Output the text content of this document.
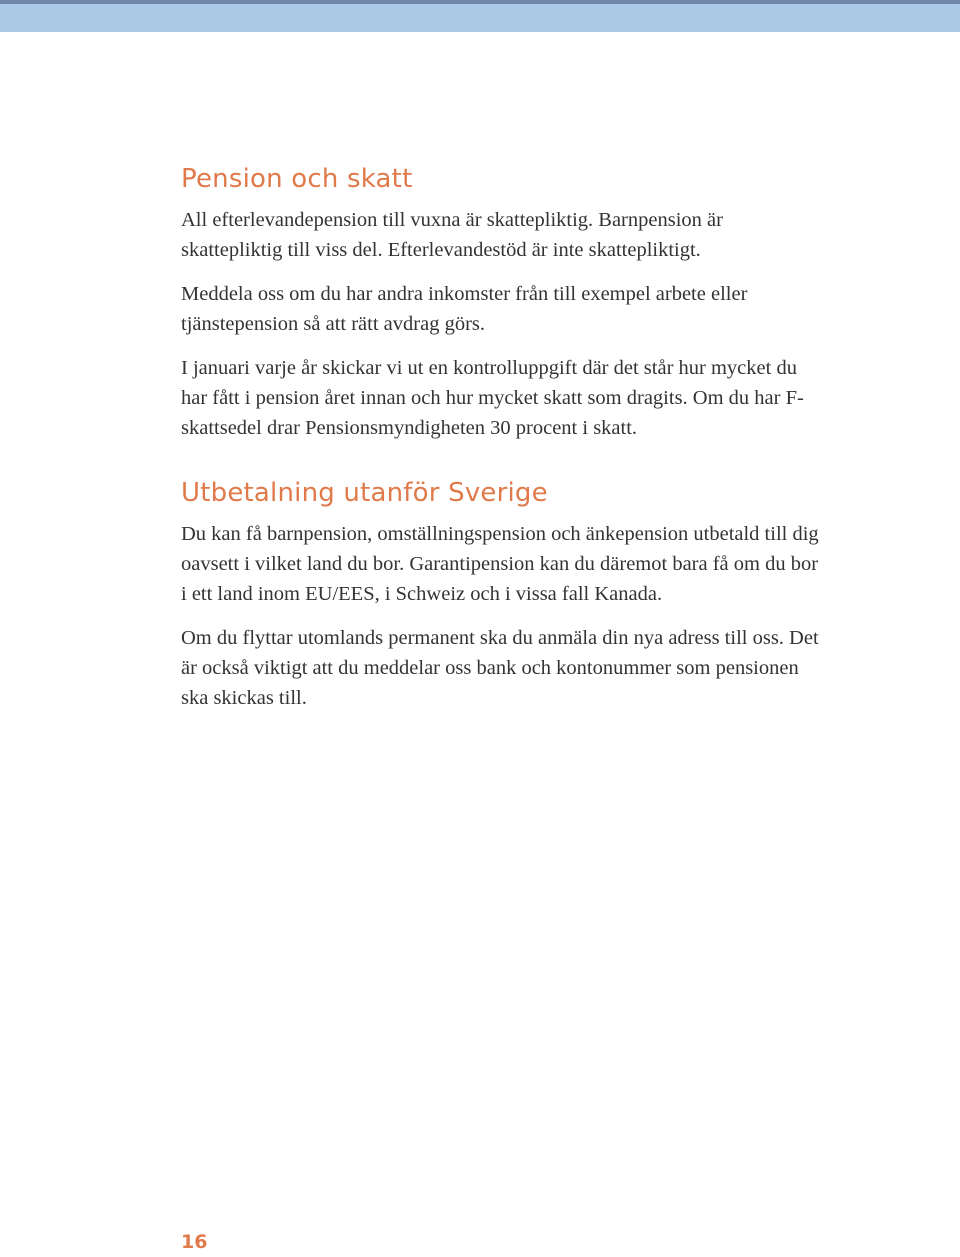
Pension och skatt

All efterlevandepension till vuxna är skattepliktig. Barnpension är skattepliktig till viss del. Efterlevandestöd är inte skattepliktigt.

Meddela oss om du har andra inkomster från till exempel arbete eller tjänstepension så att rätt avdrag görs.

I januari varje år skickar vi ut en kontrolluppgift där det står hur mycket du har fått i pension året innan och hur mycket skatt som dragits. Om du har F-skattsedel drar Pensionsmyndigheten 30 procent i skatt.

Utbetalning utanför Sverige

Du kan få barnpension, omställningspension och änkepension utbetald till dig oavsett i vilket land du bor. Garantipension kan du däremot bara få om du bor i ett land inom EU/EES, i Schweiz och i vissa fall Kanada.

Om du flyttar utomlands permanent ska du anmäla din nya adress till oss. Det är också viktigt att du meddelar oss bank och kontonummer som pensionen ska skickas till.

16
